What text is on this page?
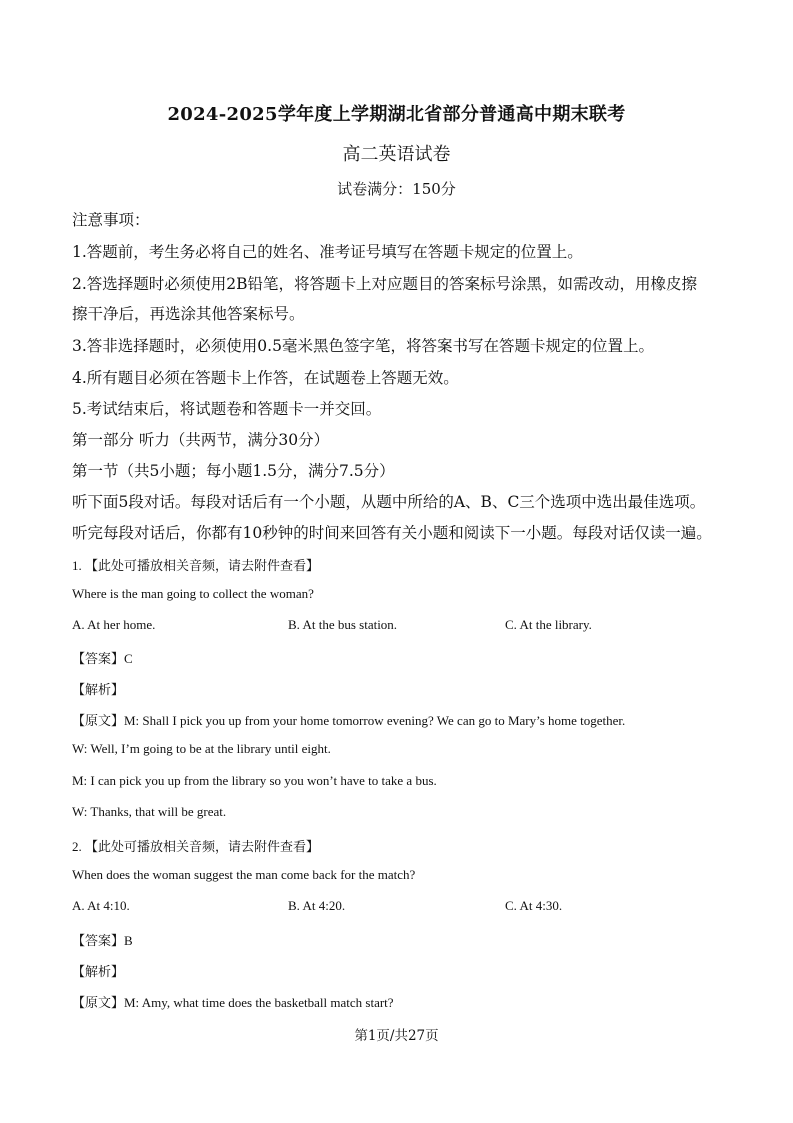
2024-2025学年度上学期湖北省部分普通高中期末联考
高二英语试卷
试卷满分：150分
注意事项：
1.答题前，考生务必将自己的姓名、准考证号填写在答题卡规定的位置上。
2.答选择题时必须使用2B铅笔，将答题卡上对应题目的答案标号涂黑，如需改动，用橡皮擦
擦干净后，再选涂其他答案标号。
3.答非选择题时，必须使用0.5毫米黑色签字笔，将答案书写在答题卡规定的位置上。
4.所有题目必须在答题卡上作答，在试题卷上答题无效。
5.考试结束后，将试题卷和答题卡一并交回。
第一部分 听力（共两节，满分30分）
第一节（共5小题；每小题1.5分，满分7.5分）
听下面5段对话。每段对话后有一个小题，从题中所给的A、B、C三个选项中选出最佳选项。
听完每段对话后，你都有10秒钟的时间来回答有关小题和阅读下一小题。每段对话仅读一遍。
1. 【此处可播放相关音频，请去附件查看】
Where is the man going to collect the woman?
A. At her home.	B. At the bus station.	C. At the library.
【答案】C
【解析】
【原文】M: Shall I pick you up from your home tomorrow evening? We can go to Mary’s home together.
W: Well, I’m going to be at the library until eight.
M: I can pick you up from the library so you won’t have to take a bus.
W: Thanks, that will be great.
2. 【此处可播放相关音频，请去附件查看】
When does the woman suggest the man come back for the match?
A. At 4:10.	B. At 4:20.	C. At 4:30.
【答案】B
【解析】
【原文】M: Amy, what time does the basketball match start?
第1页/共27页
